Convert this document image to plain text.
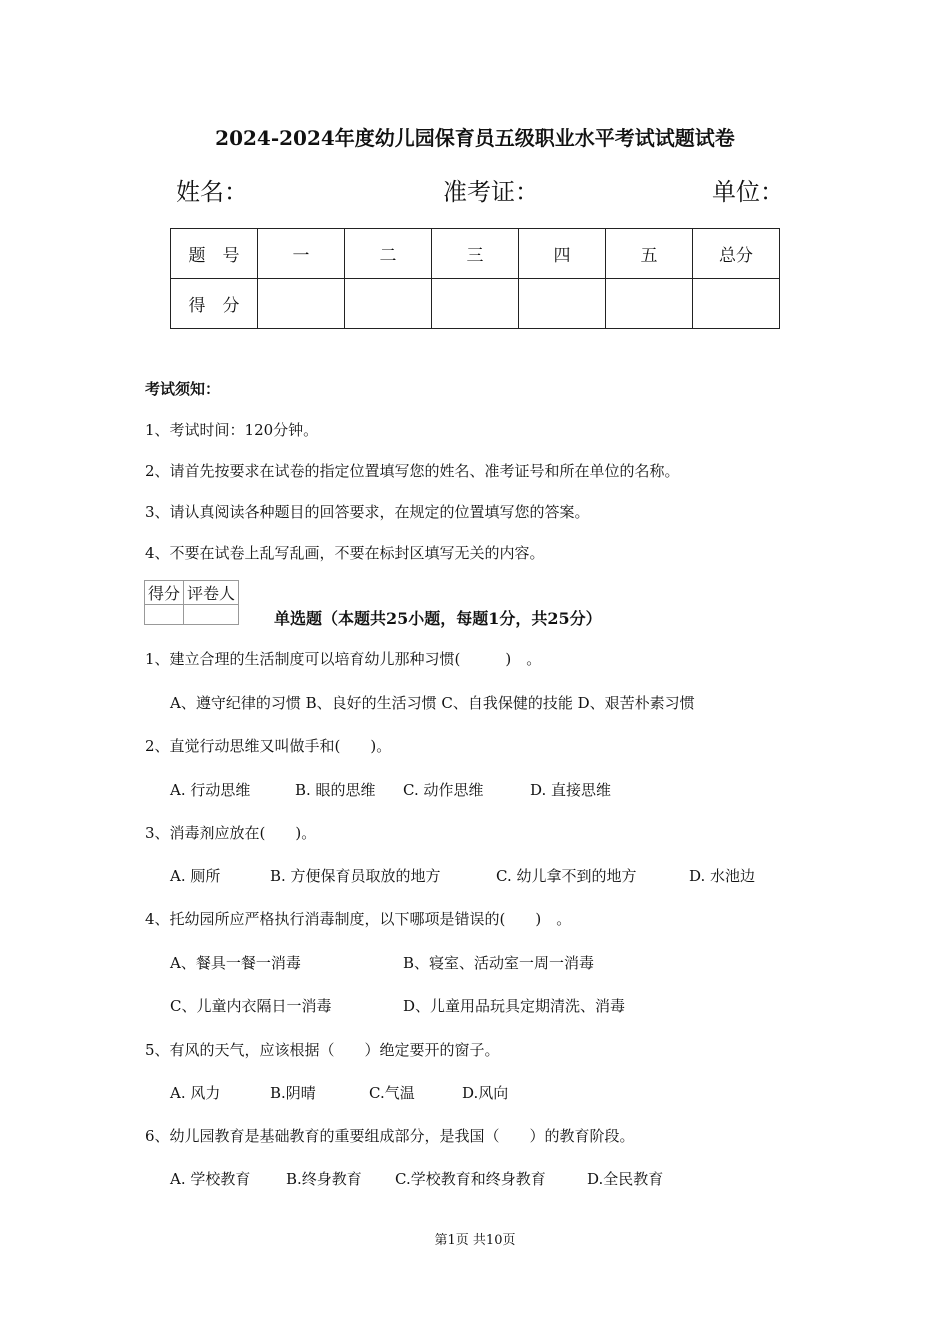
2024-2024年度幼儿园保育员五级职业水平考试试题试卷
姓名：	准考证：	单位：
题　号	一	二	三	四	五	总分
得　分						
考试须知：
1、考试时间：120分钟。
2、请首先按要求在试卷的指定位置填写您的姓名、准考证号和所在单位的名称。
3、请认真阅读各种题目的回答要求，在规定的位置填写您的答案。
4、不要在试卷上乱写乱画，不要在标封区填写无关的内容。
得分	评卷人

单选题（本题共25小题，每题1分，共25分）
1、建立合理的生活制度可以培育幼儿那种习惯(　　　)　。
A、遵守纪律的习惯 B、良好的生活习惯 C、自我保健的技能 D、艰苦朴素习惯
2、直觉行动思维又叫做手和(　　)。
A. 行动思维	B. 眼的思维 C. 动作思维	D. 直接思维
3、消毒剂应放在(　　)。
A. 厕所	B. 方便保育员取放的地方	C. 幼儿拿不到的地方	D. 水池边
4、托幼园所应严格执行消毒制度，以下哪项是错误的(　　)　。
A、餐具一餐一消毒	B、寝室、活动室一周一消毒
C、儿童内衣隔日一消毒	D、儿童用品玩具定期清洗、消毒
5、有风的天气，应该根据（　　）绝定要开的窗子。
A. 风力	B.阴晴	C.气温	D.风向
6、幼儿园教育是基础教育的重要组成部分，是我国（　　）的教育阶段。
A. 学校教育 B.终身教育 C.学校教育和终身教育	D.全民教育
第1页 共10页
